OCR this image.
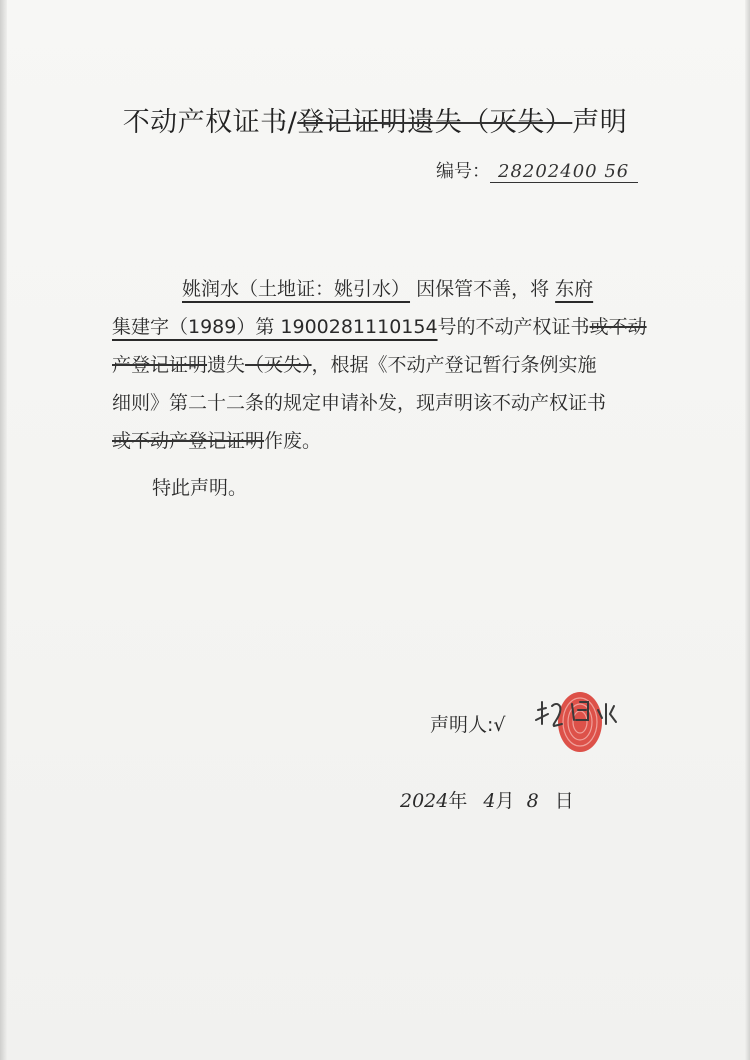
不动产权证书/登记证明遗失（灭失）声明
编号： 28202400 56
姚润水（土地证：姚引水） 因保管不善，将 东府
集建字（1989）第 1900281110154号的不动产权证书或不动
产登记证明遗失（灭失），根据《不动产登记暂行条例实施
细则》第二十二条的规定申请补发，现声明该不动产权证书
或不动产登记证明作废。
特此声明。
声明人:√
2024年 4月 8 日
